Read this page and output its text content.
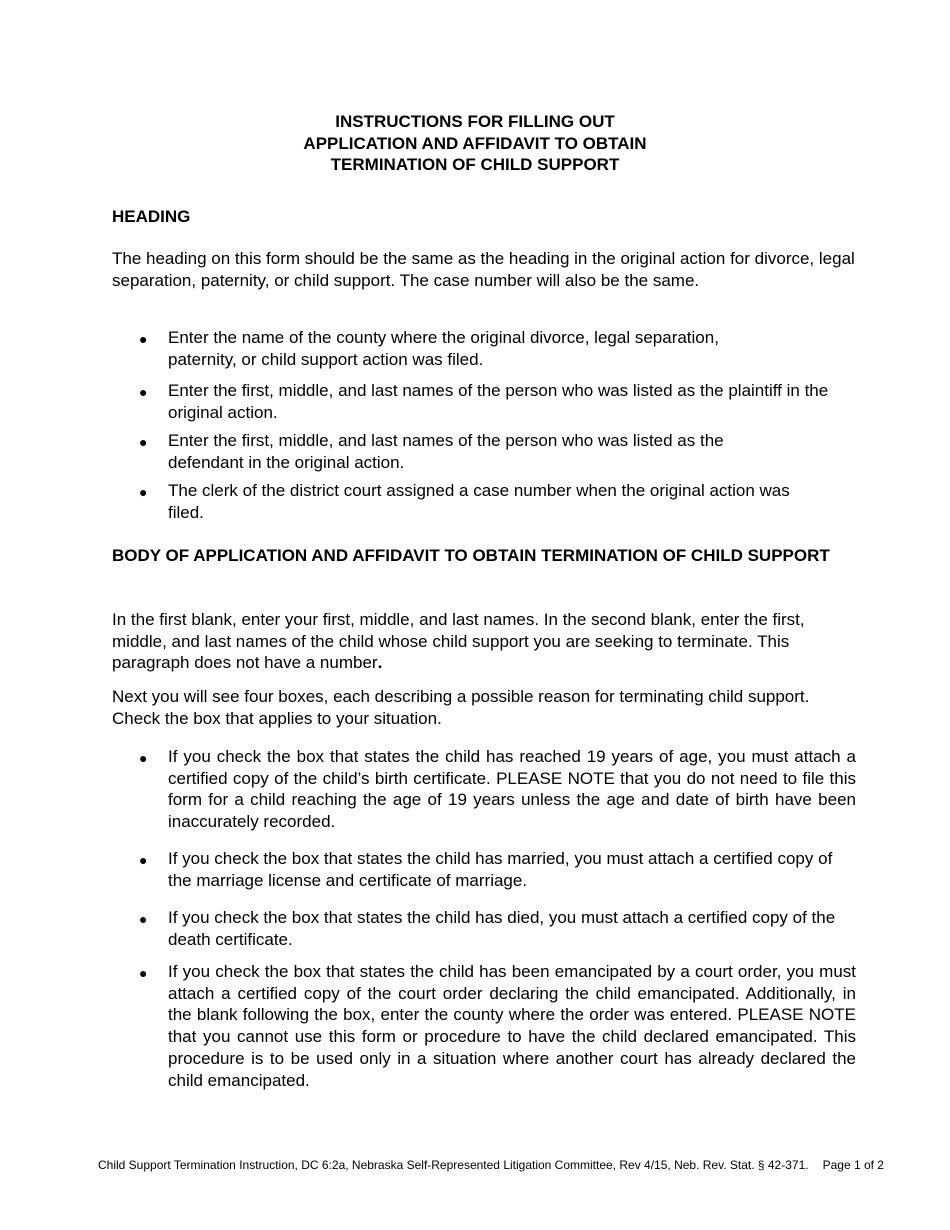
INSTRUCTIONS FOR FILLING OUT
APPLICATION AND AFFIDAVIT TO OBTAIN
TERMINATION OF CHILD SUPPORT
HEADING
The heading on this form should be the same as the heading in the original action for divorce, legal separation, paternity, or child support. The case number will also be the same.
●	Enter the name of the county where the original divorce, legal separation, paternity, or child support action was filed.
●	Enter the first, middle, and last names of the person who was listed as the plaintiff in the original action.
●	Enter the first, middle, and last names of the person who was listed as the defendant in the original action.
●	The clerk of the district court assigned a case number when the original action was filed.
BODY OF APPLICATION AND AFFIDAVIT TO OBTAIN TERMINATION OF CHILD SUPPORT
In the first blank, enter your first, middle, and last names. In the second blank, enter the first, middle, and last names of the child whose child support you are seeking to terminate. This paragraph does not have a number.
Next you will see four boxes, each describing a possible reason for terminating child support. Check the box that applies to your situation.
●	If you check the box that states the child has reached 19 years of age, you must attach a certified copy of the child’s birth certificate. PLEASE NOTE that you do not need to file this form for a child reaching the age of 19 years unless the age and date of birth have been inaccurately recorded.
●	If you check the box that states the child has married, you must attach a certified copy of the marriage license and certificate of marriage.
●	If you check the box that states the child has died, you must attach a certified copy of the death certificate.
●	If you check the box that states the child has been emancipated by a court order, you must attach a certified copy of the court order declaring the child emancipated. Additionally, in the blank following the box, enter the county where the order was entered. PLEASE NOTE that you cannot use this form or procedure to have the child declared emancipated. This procedure is to be used only in a situation where another court has already declared the child emancipated.
Child Support Termination Instruction, DC 6:2a, Nebraska Self-Represented Litigation Committee, Rev 4/15, Neb. Rev. Stat. § 42-371. Page 1 of 2
